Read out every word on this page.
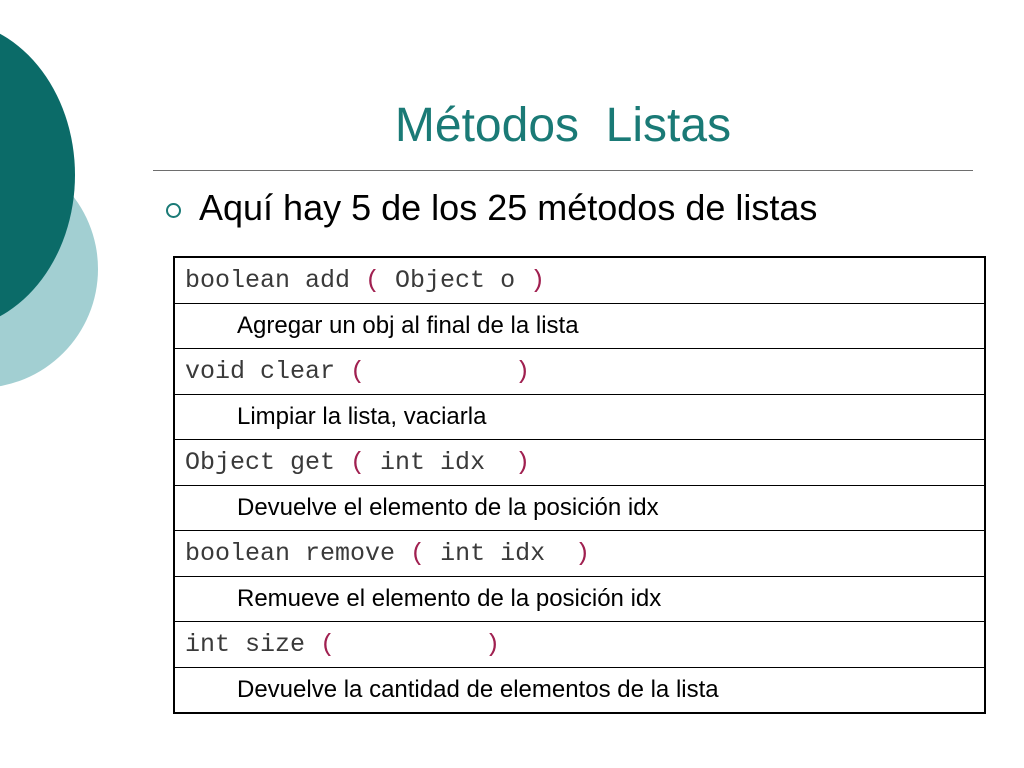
Métodos  Listas
Aquí hay 5 de los 25 métodos de listas
boolean add ( Object o )
Agregar un obj al final de la lista
void clear (	)
Limpiar la lista, vaciarla
Object get ( int idx  )
Devuelve el elemento de la posición idx
boolean remove ( int idx  )
Remueve el elemento de la posición idx
int size (	)
Devuelve la cantidad de elementos de la lista
